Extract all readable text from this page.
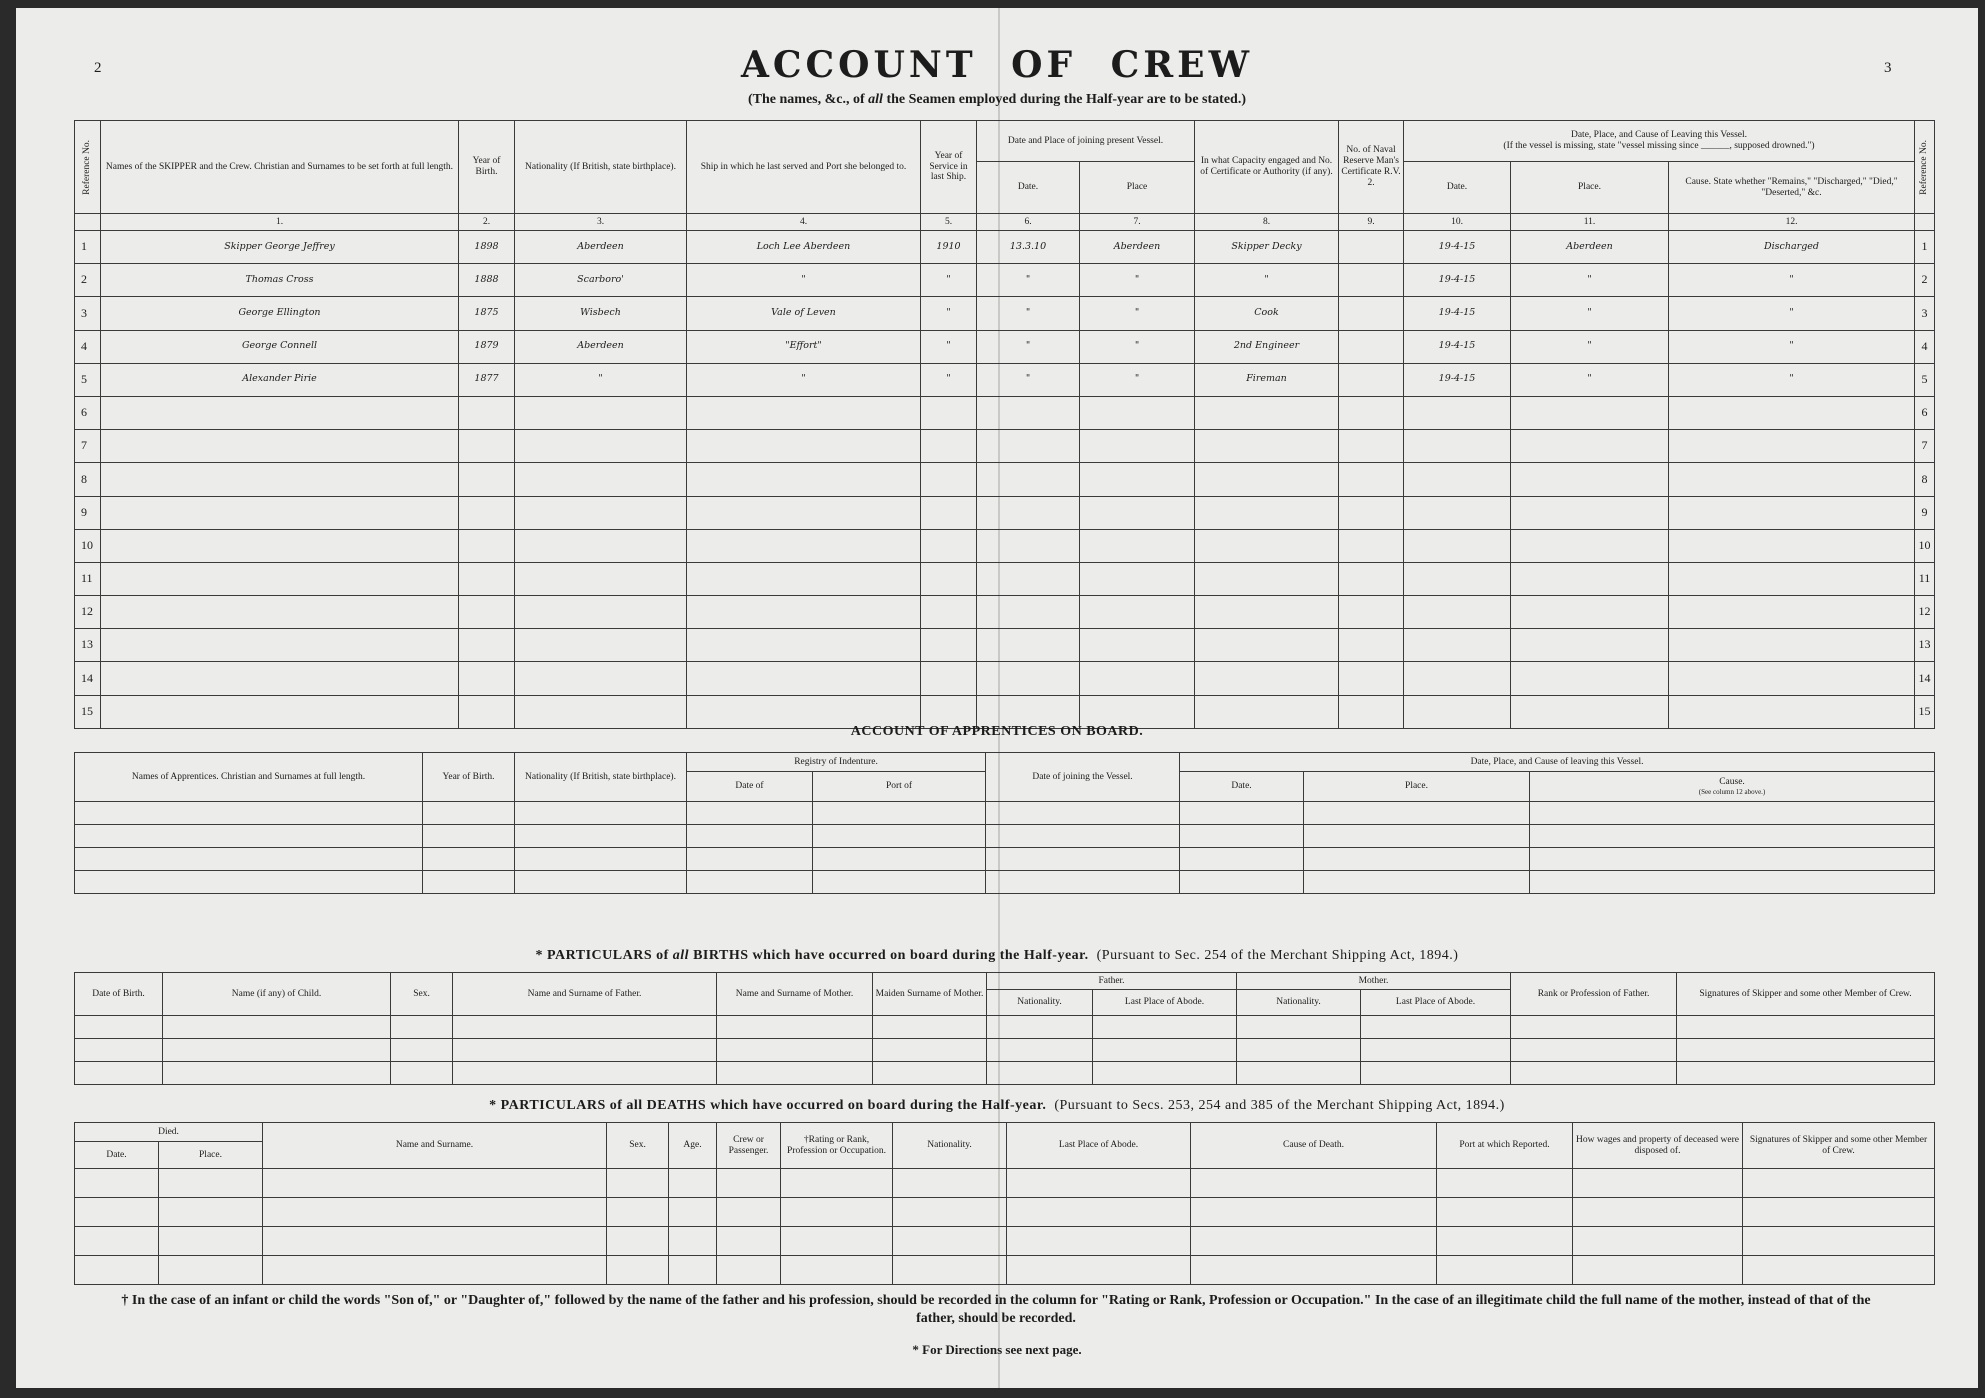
2	3
ACCOUNT OF CREW
(The names, &c., of all the Seamen employed during the Half-year are to be stated.)
Reference No.	Names of the SKIPPER and the Crew. Christian and Surnames to be set forth at full length.	Year of Birth.	Nationality (If British, state birthplace).	Ship in which he last served and Port she belonged to.	Year of Service in last Ship.	Date and Place of joining present Vessel.		In what Capacity engaged and No. of Certificate or Authority (if any).	No. of Naval Reserve Man's Certificate R.V. 2.	Date, Place, and Cause of Leaving this Vessel.
(If the vessel is missing, state "vessel missing since ______, supposed drowned.")			Reference No.

						Date.	Place			Date.	Place.	Cause. State whether "Remains," "Discharged," "Died," "Deserted," &c.	
	1.	2.	3.	4.	5.	6.	7.	8.	9.	10.	11.	12.	
1	Skipper George Jeffrey	1898	Aberdeen	Loch Lee Aberdeen	1910	13.3.10	Aberdeen	Skipper Decky		19-4-15	Aberdeen	Discharged	1
2	Thomas Cross	1888	Scarboro'	"	"	"	"	"		19-4-15	"	"	2
3	George Ellington	1875	Wisbech	Vale of Leven	"	"	"	Cook		19-4-15	"	"	3
4	George Connell	1879	Aberdeen	"Effort"	"	"	"	2nd Engineer		19-4-15	"	"	4
5	Alexander Pirie	1877	"	"	"	"	"	Fireman		19-4-15	"	"	5
6													6
7													7
8													8
9													9
10													10
11													11
12													12
13													13
14													14
15													15
ACCOUNT OF APPRENTICES ON BOARD.
Names of Apprentices. Christian and Surnames at full length.	Year of Birth.	Nationality (If British, state birthplace).	Registry of Indenture.		Date of joining the Vessel.	Date, Place, and Cause of leaving this Vessel.		
			Date of	Port of		Date.	Place.	Cause.
(See column 12 above.)

* PARTICULARS of all BIRTHS which have occurred on board during the Half-year. (Pursuant to Sec. 254 of the Merchant Shipping Act, 1894.)
Date of Birth.	Name (if any) of Child.	Sex.	Name and Surname of Father.	Name and Surname of Mother.	Maiden Surname of Mother.	Father.		Mother.		Rank or Profession of Father.	Signatures of Skipper and some other Member of Crew.
						Nationality.	Last Place of Abode.	Nationality.	Last Place of Abode.		

* PARTICULARS of all DEATHS which have occurred on board during the Half-year. (Pursuant to Secs. 253, 254 and 385 of the Merchant Shipping Act, 1894.)
Died.		Name and Surname.	Sex.	Age.	Crew or Passenger.	†Rating or Rank, Profession or Occupation.	Nationality.	Last Place of Abode.	Cause of Death.	Port at which Reported.	How wages and property of deceased were disposed of.	Signatures of Skipper and some other Member of Crew.
Date.	Place.											

† In the case of an infant or child the words "Son of," or "Daughter of," followed by the name of the father and his profession, should be recorded in the column for "Rating or Rank, Profession or Occupation." In the case of an illegitimate child the full name of the mother, instead of that of the father, should be recorded.
* For Directions see next page.
